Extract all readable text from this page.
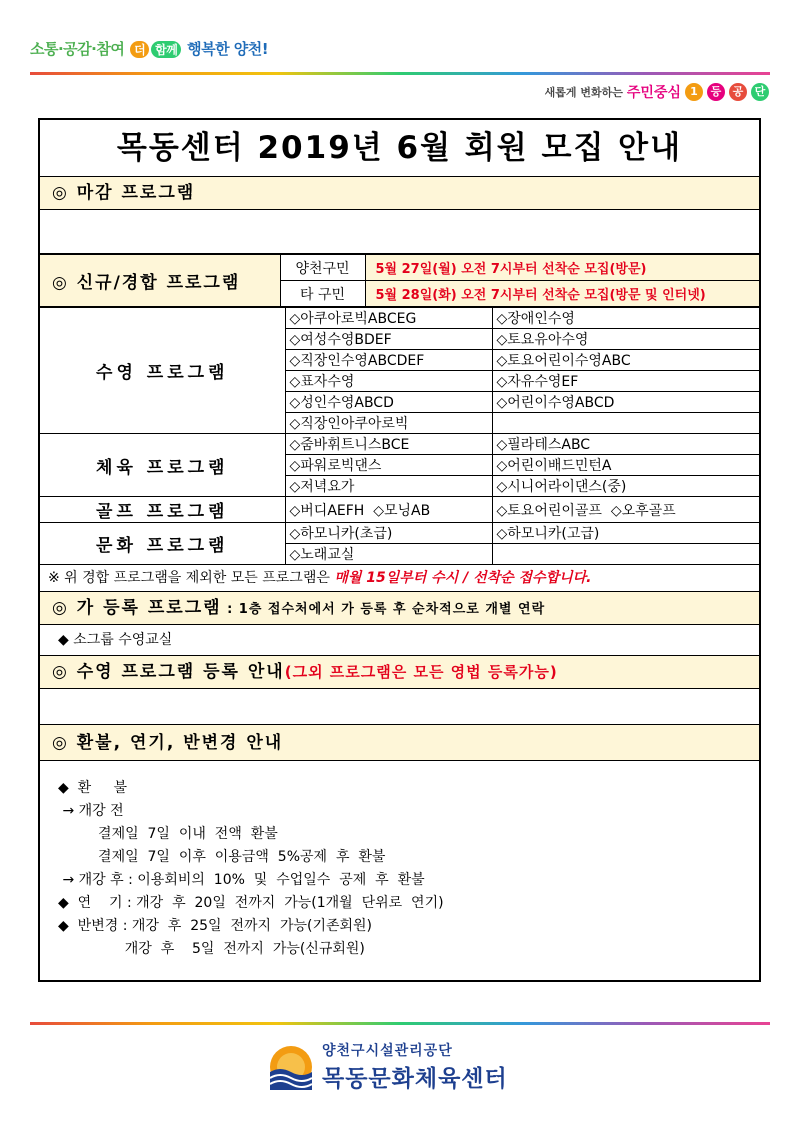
소통·공감·참여 더 함께 행복한 양천!
새롭게 변화하는 주민중심 1	등	공	단
목동센터 2019년 6월 회원 모집 안내
◎ 마감 프로그램
◎ 신규/경합 프로그램	양천구민	5월 27일(월) 오전 7시부터 선착순 모집(방문)
	타 구민	5월 28일(화) 오전 7시부터 선착순 모집(방문 및 인터넷)
수영 프로그램	◇아쿠아로빅ABCEG	◇장애인수영
	◇여성수영BDEF	◇토요유아수영
	◇직장인수영ABCDEF	◇토요어린이수영ABC
	◇표자수영	◇자유수영EF
	◇성인수영ABCD	◇어린이수영ABCD
	◇직장인아쿠아로빅	
체육 프로그램	◇줌바휘트니스BCE	◇필라테스ABC
	◇파워로빅댄스	◇어린이배드민턴A
	◇저녁요가	◇시니어라이댄스(중)
골프 프로그램	◇버디AEFH  ◇모닝AB	◇토요어린이골프  ◇오후골프
문화 프로그램	◇하모니카(초급)	◇하모니카(고급)
	◇노래교실	
※ 위 경합 프로그램을 제외한 모든 프로그램은 매월 15일부터 수시 / 선착순 접수합니다.
◎ 가 등록 프로그램 : 1층 접수처에서 가 등록 후 순차적으로 개별 연락
◆ 소그룹 수영교실
◎ 수영 프로그램 등록 안내(그외 프로그램은 모든 영법 등록가능)
◎ 환불, 연기, 반변경 안내
◆  환     불
→ 개강 전
결제일  7일  이내  전액  환불
결제일  7일  이후  이용금액  5%공제  후  환불
→ 개강 후 : 이용회비의  10%  및  수업일수  공제  후  환불
◆  연    기 : 개강  후  20일  전까지  가능(1개월  단위로  연기)
◆  반변경 : 개강  후  25일  전까지  가능(기존회원)
개강  후    5일  전까지  가능(신규회원)
양천구시설관리공단
목동문화체육센터
